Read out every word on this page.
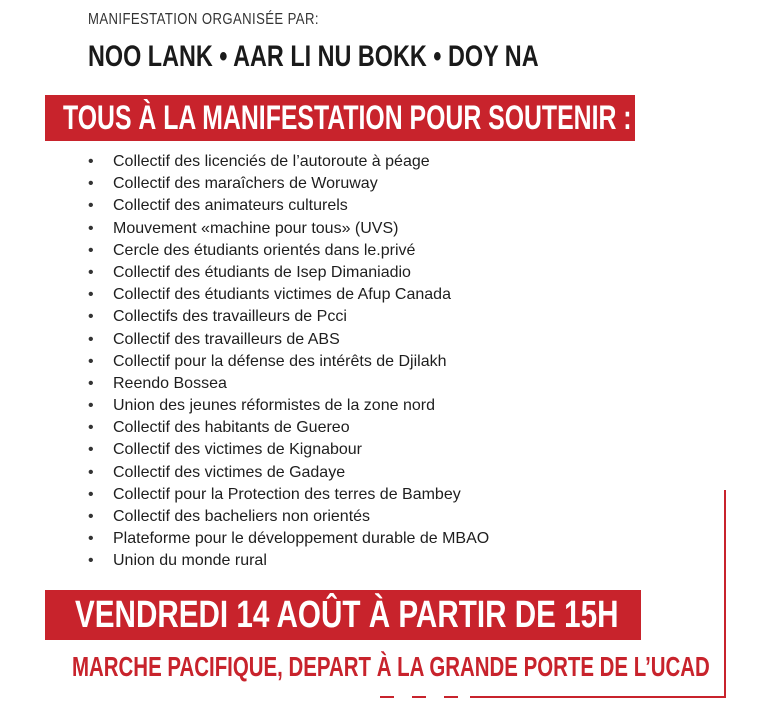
MANIFESTATION ORGANISÉE PAR:
NOO LANK • AAR LI NU BOKK • DOY NA
TOUS À LA MANIFESTATION POUR SOUTENIR :
• Collectif des licenciés de l’autoroute à péage
• Collectif des maraîchers de Woruway
• Collectif des animateurs culturels
• Mouvement «machine pour tous» (UVS)
• Cercle des étudiants orientés dans le.privé
• Collectif des étudiants de Isep Dimaniadio
• Collectif des étudiants victimes de Afup Canada
• Collectifs des travailleurs de Pcci
• Collectif des travailleurs de ABS
• Collectif pour la défense des intérêts de Djilakh
• Reendo Bossea
• Union des jeunes réformistes de la zone nord
• Collectif des habitants de Guereo
• Collectif des victimes de Kignabour
• Collectif des victimes de Gadaye
• Collectif pour la Protection des terres de Bambey
• Collectif des bacheliers non orientés
• Plateforme pour le développement durable de MBAO
• Union du monde rural
VENDREDI 14 AOÛT À PARTIR DE 15H
MARCHE PACIFIQUE, DEPART À LA GRANDE PORTE DE L’UCAD
